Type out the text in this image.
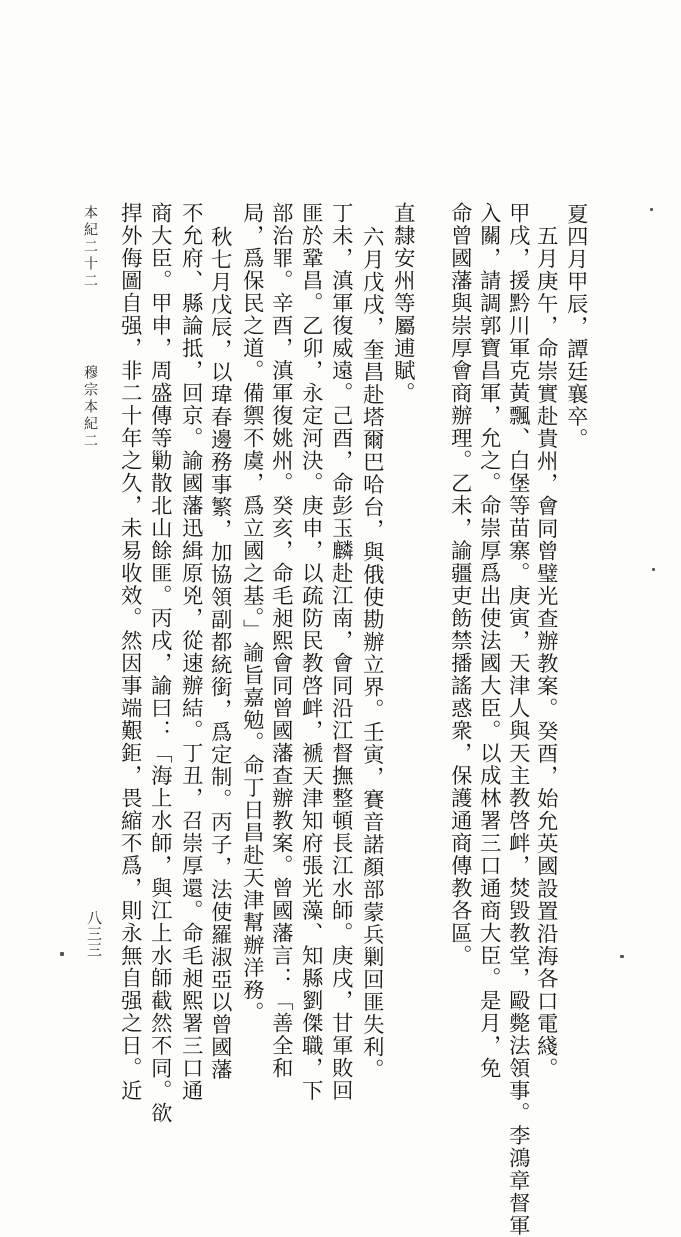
夏四月甲辰，譚廷襄卒。
五月庚午，命崇實赴貴州，會同曾璧光查辦教案。癸酉，始允英國設置沿海各口電綫。
甲戌，援黔川軍克黃飄、白堡等苗寨。庚寅，天津人與天主教啓衅，焚毀教堂，毆斃法領事。李鴻章督軍
入關，請調郭寶昌軍，允之。命崇厚爲出使法國大臣。以成林署三口通商大臣。是月，免
命曾國藩與崇厚會商辦理。乙未，諭疆吏飭禁播謠惑衆，保護通商傳教各區。
直隸安州等屬逋賦。
六月戊戌，奎昌赴塔爾巴哈台，與俄使勘辦立界。壬寅，賽音諾顏部蒙兵剿回匪失利。
丁未，滇軍復威遠。己酉，命彭玉麟赴江南，會同沿江督撫整頓長江水師。庚戌，甘軍敗回
匪於鞏昌。乙卯，永定河決。庚申，以疏防民教啓衅，褫天津知府張光藻、知縣劉傑職，下
部治罪。辛酉，滇軍復姚州。癸亥，命毛昶熙會同曾國藩查辦教案。曾國藩言：「善全和
局，爲保民之道。備禦不虞，爲立國之基。」諭旨嘉勉。命丁日昌赴天津幫辦洋務。
秋七月戊辰，以瑋春邊務事繁，加協領副都統銜，爲定制。丙子，法使羅淑亞以曾國藩
不允府、縣論抵，回京。諭國藩迅緝原兇，從速辦結。丁丑，召崇厚還。命毛昶熙署三口通
商大臣。甲申，周盛傳等勦散北山餘匪。丙戌，諭曰：「海上水師，與江上水師截然不同。欲
捍外侮圖自强，非二十年之久，未易收效。然因事端艱鉅，畏縮不爲，則永無自强之日。近
本紀二十二 穆宗本紀二
八三三
